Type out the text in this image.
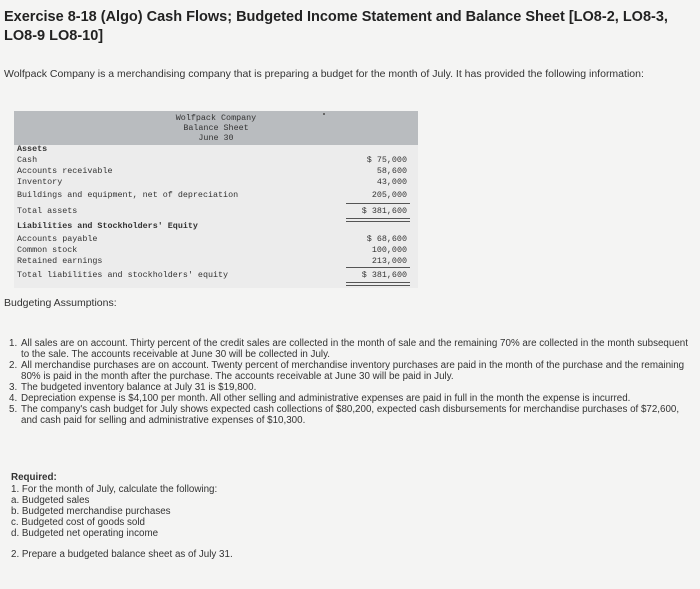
Exercise 8-18 (Algo) Cash Flows; Budgeted Income Statement and Balance Sheet [LO8-2, LO8-3, LO8-9 LO8-10]
Wolfpack Company is a merchandising company that is preparing a budget for the month of July. It has provided the following information:
Wolfpack Company
Balance Sheet
June 30
Assets
Cash	$ 75,000
Accounts receivable	58,600
Inventory	43,000
Buildings and equipment, net of depreciation	205,000
Total assets	$ 381,600
Liabilities and Stockholders' Equity
Accounts payable	$ 68,600
Common stock	100,000
Retained earnings	213,000
Total liabilities and stockholders' equity	$ 381,600
Budgeting Assumptions:
1. All sales are on account. Thirty percent of the credit sales are collected in the month of sale and the remaining 70% are collected in the month subsequent to the sale. The accounts receivable at June 30 will be collected in July.
2. All merchandise purchases are on account. Twenty percent of merchandise inventory purchases are paid in the month of the purchase and the remaining 80% is paid in the month after the purchase. The accounts receivable at June 30 will be paid in July.
3. The budgeted inventory balance at July 31 is $19,800.
4. Depreciation expense is $4,100 per month. All other selling and administrative expenses are paid in full in the month the expense is incurred.
5. The company's cash budget for July shows expected cash collections of $80,200, expected cash disbursements for merchandise purchases of $72,600, and cash paid for selling and administrative expenses of $10,300.
Required:
1. For the month of July, calculate the following:
a. Budgeted sales
b. Budgeted merchandise purchases
c. Budgeted cost of goods sold
d. Budgeted net operating income
2. Prepare a budgeted balance sheet as of July 31.
